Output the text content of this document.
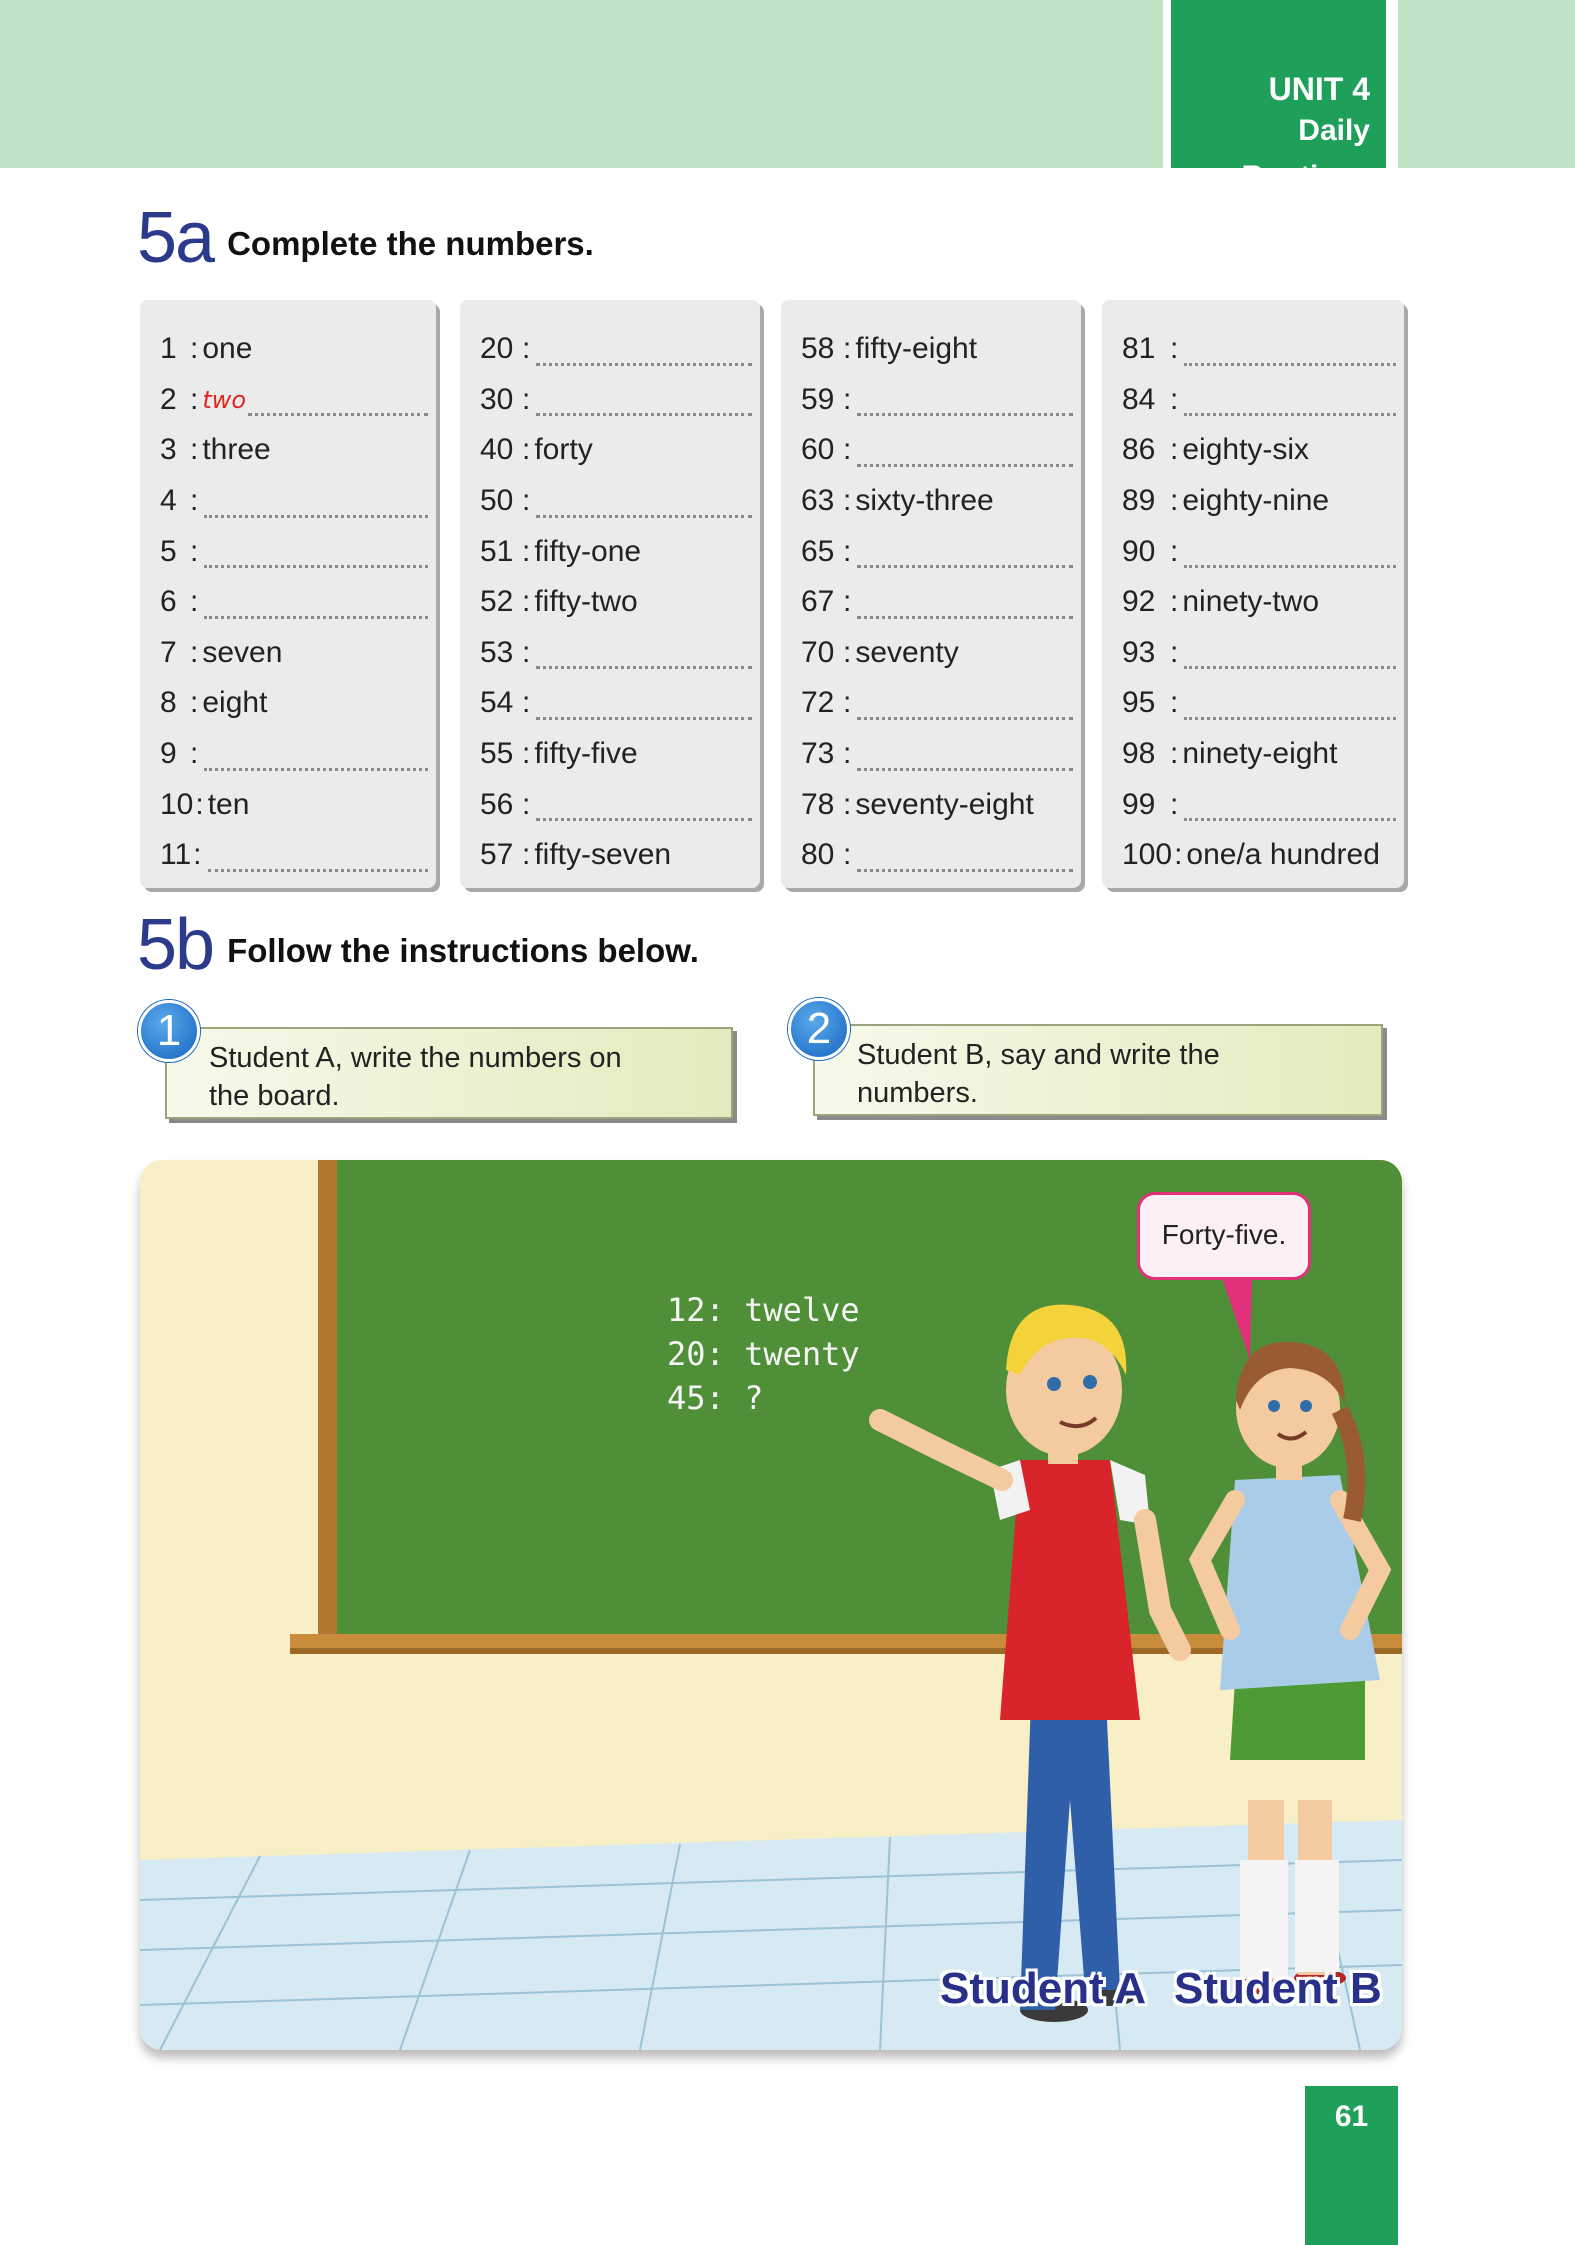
UNIT 4
Daily Routines
5a Complete the numbers.
1 : one
2 : two
3 : three
4 :
5 :
6 :
7 : seven
8 : eight
9 :
10 : ten
11 :
20 :
30 :
40 : forty
50 :
51 : fifty-one
52 : fifty-two
53 :
54 :
55 : fifty-five
56 :
57 : fifty-seven
58 : fifty-eight
59 :
60 :
63 : sixty-three
65 :
67 :
70 : seventy
72 :
73 :
78 : seventy-eight
80 :
81 :
84 :
86 : eighty-six
89 : eighty-nine
90 :
92 : ninety-two
93 :
95 :
98 : ninety-eight
99 :
100 : one/a hundred
5b Follow the instructions below.
Student A, write the numbers on
the board.
1	Student B, say and write the
numbers.
2
12: twelve
20: twenty
45: ?
Forty-five.
Student A Student B
61
